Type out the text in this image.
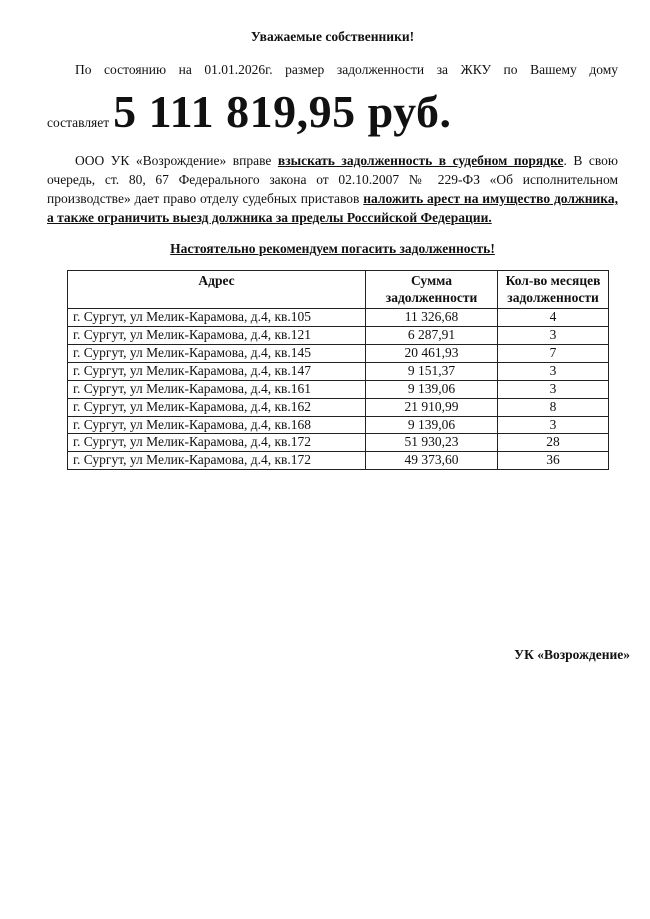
Уважаемые собственники!

По состоянию на 01.01.2026г. размер задолженности за ЖКУ по Вашему дому

составляет5 111 819,95 руб.

ООО УК «Возрождение» вправе взыскать задолженность в судебном порядке. В свою очередь, ст. 80, 67 Федерального закона от 02.10.2007 № 229-ФЗ «Об исполнительном производстве» дает право отделу судебных приставов наложить арест на имущество должника, а также ограничить выезд должника за пределы Российской Федерации.

Настоятельно рекомендуем погасить задолженность!

Адрес	Сумма задолженности	Кол-во месяцев задолженности
г. Сургут, ул Мелик-Карамова, д.4, кв.105	11 326,68	4
г. Сургут, ул Мелик-Карамова, д.4, кв.121	6 287,91	3
г. Сургут, ул Мелик-Карамова, д.4, кв.145	20 461,93	7
г. Сургут, ул Мелик-Карамова, д.4, кв.147	9 151,37	3
г. Сургут, ул Мелик-Карамова, д.4, кв.161	9 139,06	3
г. Сургут, ул Мелик-Карамова, д.4, кв.162	21 910,99	8
г. Сургут, ул Мелик-Карамова, д.4, кв.168	9 139,06	3
г. Сургут, ул Мелик-Карамова, д.4, кв.172	51 930,23	28
г. Сургут, ул Мелик-Карамова, д.4, кв.172	49 373,60	36
УК «Возрождение»
